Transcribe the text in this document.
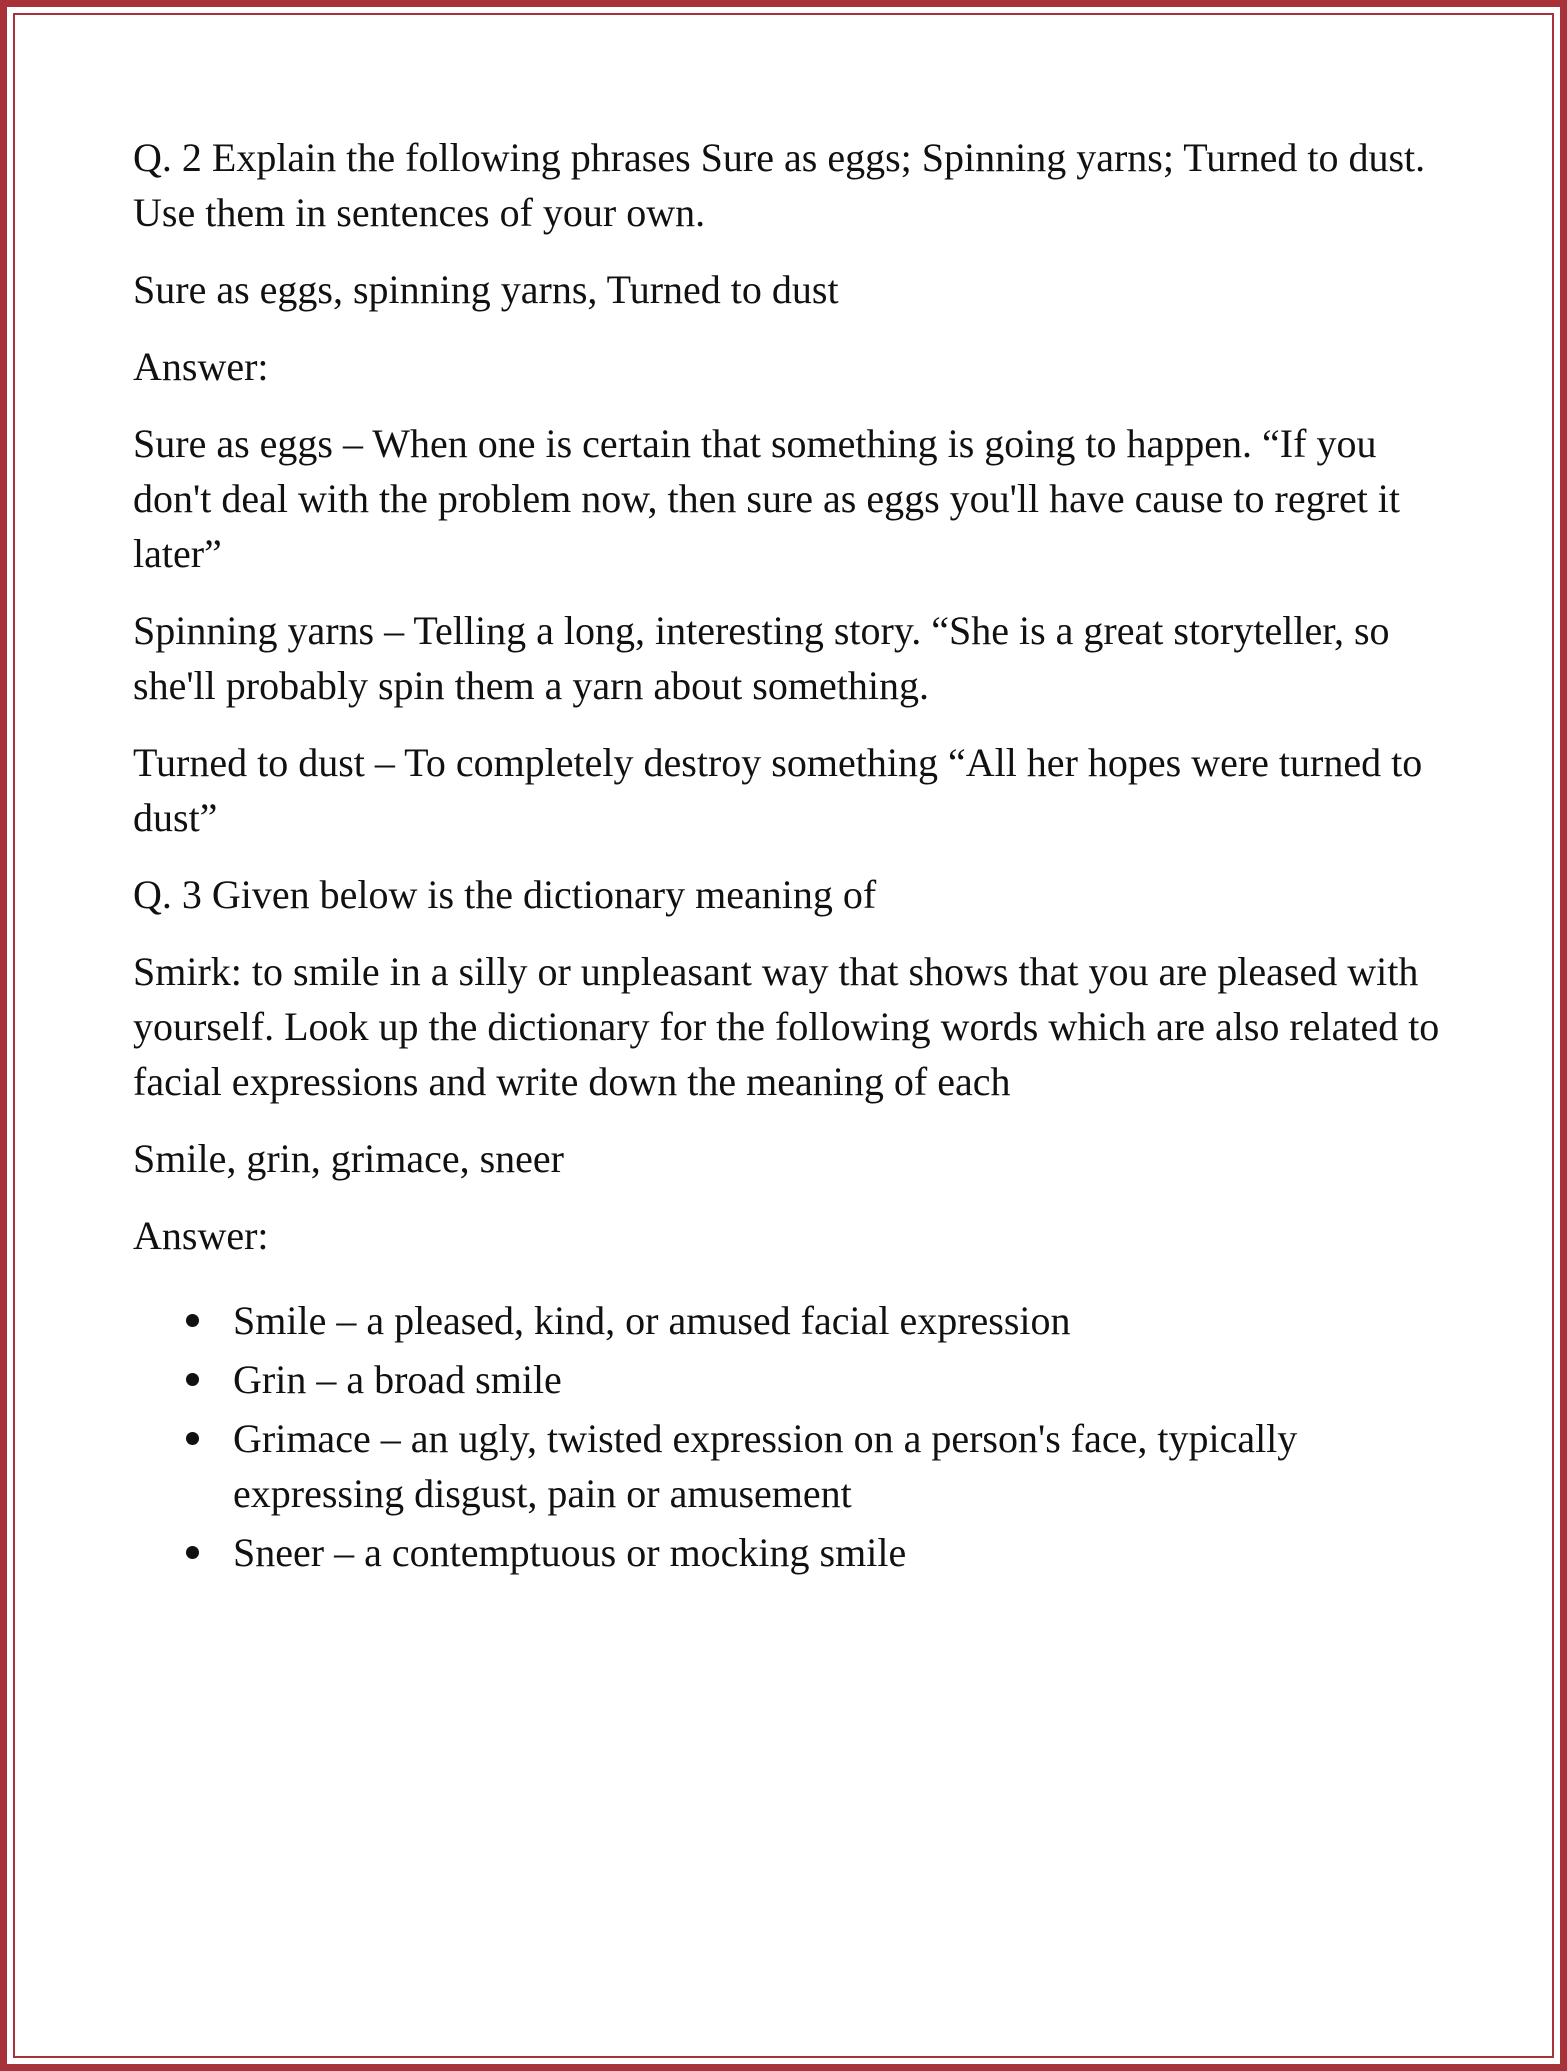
Q. 2 Explain the following phrases Sure as eggs; Spinning yarns; Turned to dust. Use them in sentences of your own.

Sure as eggs, spinning yarns, Turned to dust

Answer:

Sure as eggs – When one is certain that something is going to happen. “If you don't deal with the problem now, then sure as eggs you'll have cause to regret it later”

Spinning yarns – Telling a long, interesting story. “She is a great storyteller, so she'll probably spin them a yarn about something.

Turned to dust – To completely destroy something “All her hopes were turned to dust”

Q. 3 Given below is the dictionary meaning of

Smirk: to smile in a silly or unpleasant way that shows that you are pleased with yourself. Look up the dictionary for the following words which are also related to facial expressions and write down the meaning of each

Smile, grin, grimace, sneer

Answer:

Smile – a pleased, kind, or amused facial expression
Grin – a broad smile
Grimace – an ugly, twisted expression on a person's face, typically expressing disgust, pain or amusement
Sneer – a contemptuous or mocking smile
